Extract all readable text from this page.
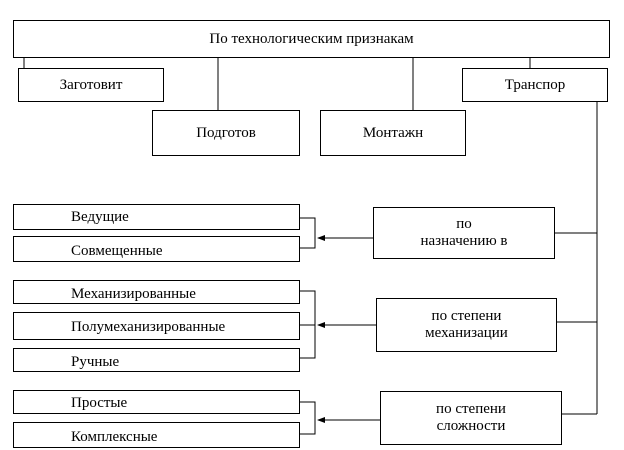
По технологическим признакам
Заготовит
Подготов	Монтажн
Транспор
по
назначению в
Ведущие
Совмещенные
по степени
механизации
Механизированные
Полумеханизированные
Ручные
по степени
сложности
Простые
Комплексные
